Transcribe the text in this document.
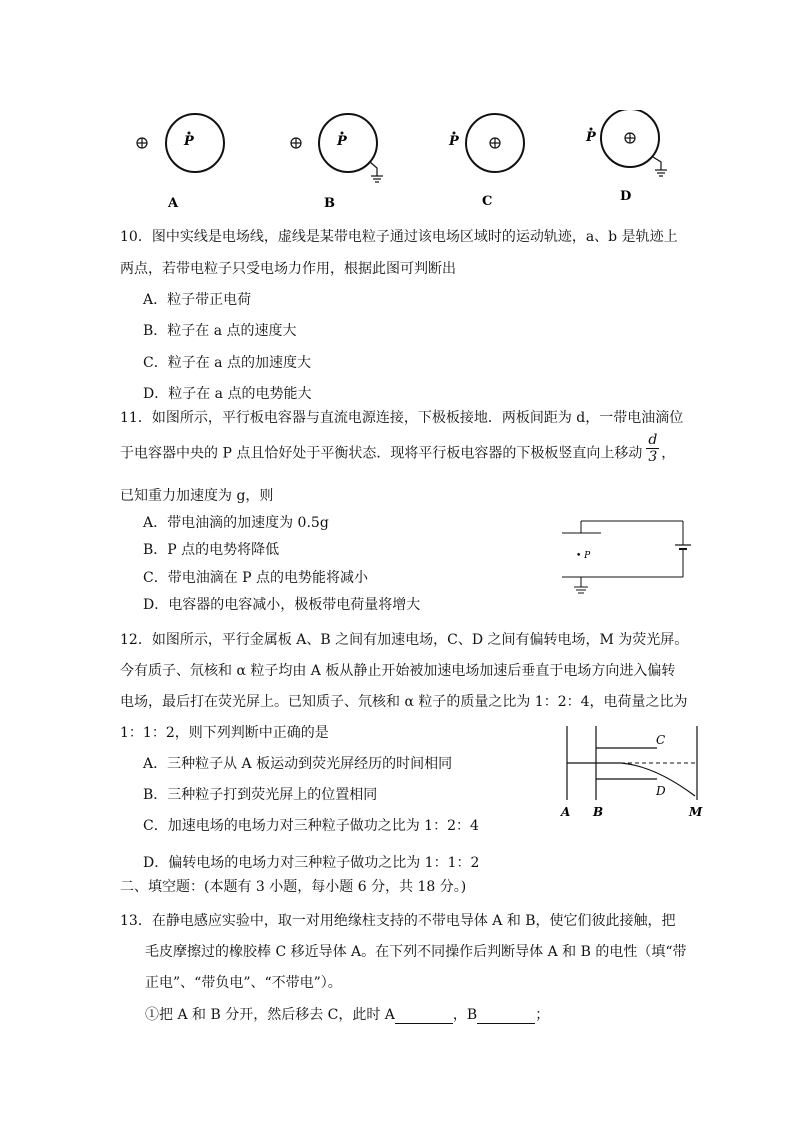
P
A
P
B
P
C
P
D
10．图中实线是电场线，虚线是某带电粒子通过该电场区域时的运动轨迹，a、b 是轨迹上
两点，若带电粒子只受电场力作用，根据此图可判断出
A．粒子带正电荷
B．粒子在 a 点的速度大
C．粒子在 a 点的加速度大
D．粒子在 a 点的电势能大
11．如图所示，平行板电容器与直流电源连接，下极板接地．两板间距为 d，一带电油滴位
于电容器中央的 P 点且恰好处于平衡状态．现将平行板电容器的下极板竖直向上移动 $\frac{d}{3}$ ，
已知重力加速度为 g，则
A．带电油滴的加速度为 0.5g
B．P 点的电势将降低
C．带电油滴在 P 点的电势能将减小
D．电容器的电容减小，极板带电荷量将增大
• P
12．如图所示，平行金属板 A、B 之间有加速电场，C、D 之间有偏转电场，M 为荧光屏。
今有质子、氘核和 α 粒子均由 A 板从静止开始被加速电场加速后垂直于电场方向进入偏转
电场，最后打在荧光屏上。已知质子、氘核和 α 粒子的质量之比为 1：2：4，电荷量之比为
1：1：2，则下列判断中正确的是
A．三种粒子从 A 板运动到荧光屏经历的时间相同
B．三种粒子打到荧光屏上的位置相同
C．加速电场的电场力对三种粒子做功之比为 1：2：4
D．偏转电场的电场力对三种粒子做功之比为 1：1：2
C
D
A B	M
二、填空题：(本题有 3 小题，每小题 6 分，共 18 分。)
13．在静电感应实验中，取一对用绝缘柱支持的不带电导体 A 和 B，使它们彼此接触，把
毛皮摩擦过的橡胶棒 C 移近导体 A。在下列不同操作后判断导体 A 和 B 的电性（填“带
正电”、“带负电”、“不带电”）。
①把 A 和 B 分开，然后移去 C，此时 A	，B	；
